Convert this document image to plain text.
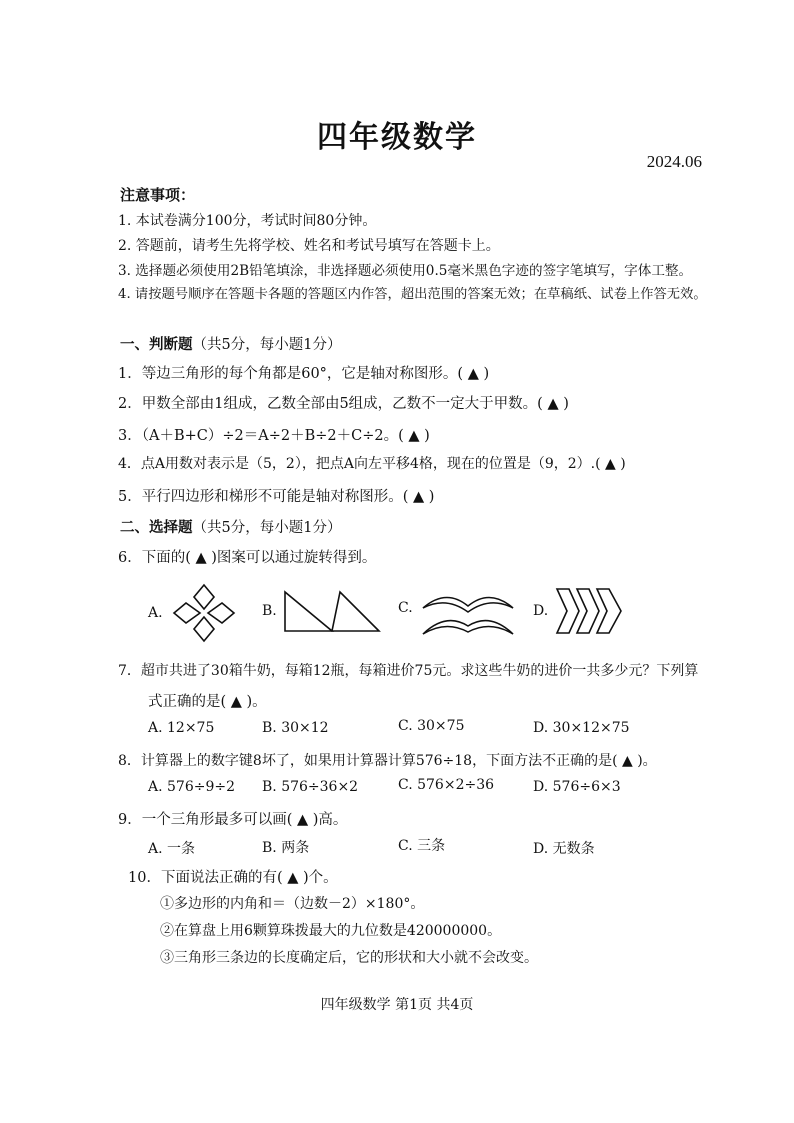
四年级数学
2024.06
注意事项：
1. 本试卷满分100分，考试时间80分钟。
2. 答题前，请考生先将学校、姓名和考试号填写在答题卡上。
3. 选择题必须使用2B铅笔填涂，非选择题必须使用0.5毫米黑色字迹的签字笔填写，字体工整。
4. 请按题号顺序在答题卡各题的答题区内作答，超出范围的答案无效；在草稿纸、试卷上作答无效。
一、判断题（共5分，每小题1分）
1．等边三角形的每个角都是60°，它是轴对称图形。( ▲ )
2．甲数全部由1组成，乙数全部由5组成，乙数不一定大于甲数。( ▲ )
3．（A＋B+C）÷2＝A÷2＋B÷2＋C÷2。( ▲ )
4．点A用数对表示是（5，2），把点A向左平移4格，现在的位置是（9，2）.( ▲ )
5．平行四边形和梯形不可能是轴对称图形。( ▲ )
二、选择题（共5分，每小题1分）
6．下面的( ▲ )图案可以通过旋转得到。
A.	B.	C.	D.
7．超市共进了30箱牛奶，每箱12瓶，每箱进价75元。求这些牛奶的进价一共多少元？下列算
式正确的是( ▲ )。
A. 12×75	B. 30×12	C. 30×75	D. 30×12×75
8．计算器上的数字键8坏了，如果用计算器计算576÷18，下面方法不正确的是( ▲ )。
A. 576÷9÷2 B. 576÷36×2	C. 576×2÷36	D. 576÷6×3
9．一个三角形最多可以画( ▲ )高。
A. 一条	B. 两条	C. 三条	D. 无数条
10．下面说法正确的有( ▲ )个。
①多边形的内角和＝（边数－2）×180°。
②在算盘上用6颗算珠拨最大的九位数是420000000。
③三角形三条边的长度确定后，它的形状和大小就不会改变。
四年级数学 第1页 共4页
